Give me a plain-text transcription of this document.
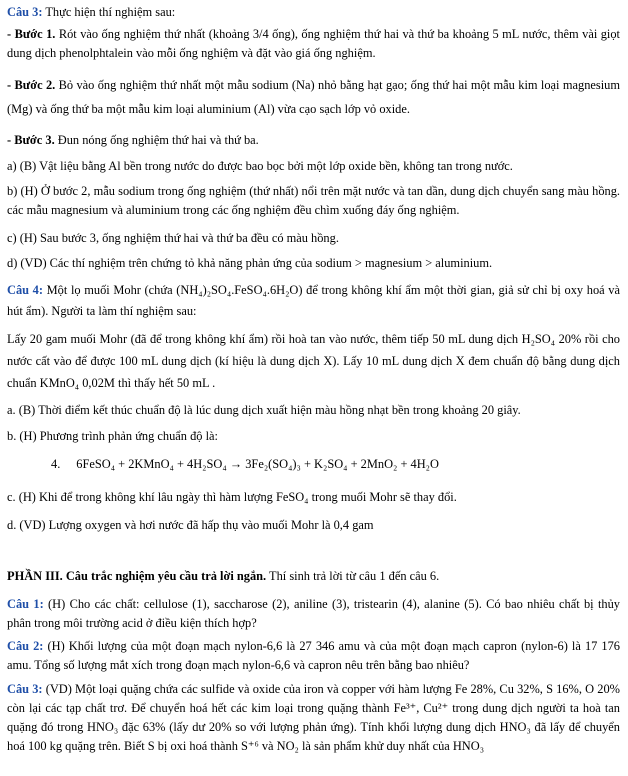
Câu 3: Thực hiện thí nghiệm sau:

- Bước 1. Rót vào ống nghiệm thứ nhất (khoảng 3/4 ống), ống nghiệm thứ hai và thứ ba khoảng 5 mL nước, thêm vài giọt dung dịch phenolphtalein vào mỗi ống nghiệm và đặt vào giá ống nghiệm.

- Bước 2. Bỏ vào ống nghiệm thứ nhất một mẫu sodium (Na) nhỏ bằng hạt gạo; ống thứ hai một mẫu kim loại magnesium (Mg) và ống thứ ba một mẫu kim loại aluminium (Al) vừa cạo sạch lớp vỏ oxide.

- Bước 3. Đun nóng ống nghiệm thứ hai và thứ ba.

a) (B) Vật liệu bằng Al bền trong nước do được bao bọc bởi một lớp oxide bền, không tan trong nước.

b) (H) Ở bước 2, mẫu sodium trong ống nghiệm (thứ nhất) nổi trên mặt nước và tan dần, dung dịch chuyển sang màu hồng. các mẫu magnesium và aluminium trong các ống nghiệm đều chìm xuống đáy ống nghiệm.

c) (H) Sau bước 3, ống nghiệm thứ hai và thứ ba đều có màu hồng.

d) (VD) Các thí nghiệm trên chứng tỏ khả năng phản ứng của sodium > magnesium > aluminium.

Câu 4: Một lọ muối Mohr (chứa (NH₄)₂SO₄.FeSO₄.6H₂O) để trong không khí ẩm một thời gian, giả sử chỉ bị oxy hoá và hút ẩm). Người ta làm thí nghiệm sau:

Lấy 20 gam muối Mohr (đã để trong không khí ẩm) rồi hoà tan vào nước, thêm tiếp 50 mL dung dịch H₂SO₄ 20% rồi cho nước cất vào để được 100 mL dung dịch (kí hiệu là dung dịch X). Lấy 10 mL dung dịch X đem chuẩn độ bằng dung dịch chuẩn KMnO₄ 0,02M thì thấy hết 50 mL .

a. (B) Thời điểm kết thúc chuẩn độ là lúc dung dịch xuất hiện màu hồng nhạt bền trong khoảng 20 giây.

b. (H) Phương trình phản ứng chuẩn độ là:

4. 6FeSO₄ + 2KMnO₄ + 4H₂SO₄ → 3Fe₂(SO₄)₃ + K₂SO₄ + 2MnO₂ + 4H₂O

c. (H) Khi để trong không khí lâu ngày thì hàm lượng FeSO₄ trong muối Mohr sẽ thay đổi.

d. (VD) Lượng oxygen và hơi nước đã hấp thụ vào muối Mohr là 0,4 gam

PHẦN III. Câu trắc nghiệm yêu cầu trả lời ngắn. Thí sinh trả lời từ câu 1 đến câu 6.

Câu 1: (H) Cho các chất: cellulose (1), saccharose (2), aniline (3), tristearin (4), alanine (5). Có bao nhiêu chất bị thủy phân trong môi trường acid ở điều kiện thích hợp?

Câu 2: (H) Khối lượng của một đoạn mạch nylon-6,6 là 27 346 amu và của một đoạn mạch capron (nylon-6) là 17 176 amu. Tổng số lượng mắt xích trong đoạn mạch nylon-6,6 và capron nêu trên bằng bao nhiêu?

Câu 3: (VD) Một loại quặng chứa các sulfide và oxide của iron và copper với hàm lượng Fe 28%, Cu 32%, S 16%, O 20% còn lại các tạp chất trơ. Để chuyển hoá hết các kim loại trong quặng thành Fe³⁺, Cu²⁺ trong dung dịch người ta hoà tan quặng đó trong HNO₃ đặc 63% (lấy dư 20% so với lượng phản ứng). Tính khối lượng dung dịch HNO₃ đã lấy để chuyển hoá 100 kg quặng trên. Biết S bị oxi hoá thành S⁺⁶ và NO₂ là sản phẩm khử duy nhất của HNO₃
